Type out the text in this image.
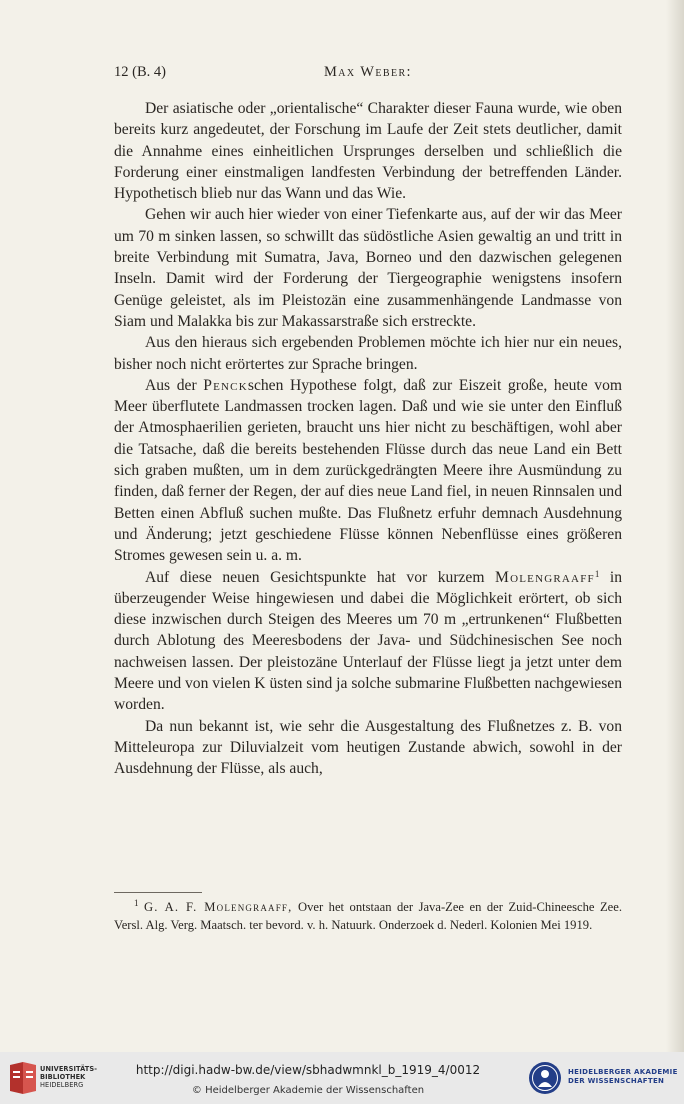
12 (B. 4)	Max Weber:

Der asiatische oder „orientalische“ Charakter dieser Fauna wurde, wie oben bereits kurz angedeutet, der Forschung im Laufe der Zeit stets deutlicher, damit die Annahme eines einheitlichen Ursprunges derselben und schließlich die Forderung einer einstmaligen landfesten Verbindung der betreffenden Länder. Hypothetisch blieb nur das Wann und das Wie.

Gehen wir auch hier wieder von einer Tiefenkarte aus, auf der wir das Meer um 70 m sinken lassen, so schwillt das südöstliche Asien gewaltig an und tritt in breite Verbindung mit Sumatra, Java, Borneo und den dazwischen gelegenen Inseln. Damit wird der Forderung der Tiergeographie wenigstens insofern Genüge geleistet, als im Pleistozän eine zusammenhängende Landmasse von Siam und Malakka bis zur Makassarstraße sich erstreckte.

Aus den hieraus sich ergebenden Problemen möchte ich hier nur ein neues, bisher noch nicht erörtertes zur Sprache bringen.

Aus der Penckschen Hypothese folgt, daß zur Eiszeit große, heute vom Meer überflutete Landmassen trocken lagen. Daß und wie sie unter den Einfluß der Atmosphaerilien gerieten, braucht uns hier nicht zu beschäftigen, wohl aber die Tatsache, daß die bereits bestehenden Flüsse durch das neue Land ein Bett sich graben mußten, um in dem zurückgedrängten Meere ihre Ausmündung zu finden, daß ferner der Regen, der auf dies neue Land fiel, in neuen Rinnsalen und Betten einen Abfluß suchen mußte. Das Flußnetz erfuhr demnach Ausdehnung und Änderung; jetzt geschiedene Flüsse können Nebenflüsse eines größeren Stromes gewesen sein u. a. m.

Auf diese neuen Gesichtspunkte hat vor kurzem Molengraaff$^1$ in überzeugender Weise hingewiesen und dabei die Möglichkeit erörtert, ob sich diese inzwischen durch Steigen des Meeres um 70 m „ertrunkenen“ Flußbetten durch Ablotung des Meeresbodens der Java- und Südchinesischen See noch nachweisen lassen. Der pleistozäne Unterlauf der Flüsse liegt ja jetzt unter dem Meere und von vielen K üsten sind ja solche submarine Flußbetten nachgewiesen worden.

Da nun bekannt ist, wie sehr die Ausgestaltung des Flußnetzes z. B. von Mitteleuropa zur Diluvialzeit vom heutigen Zustande abwich, sowohl in der Ausdehnung der Flüsse, als auch,

$^1$ G. A. F. Molengraaff, Over het ontstaan der Java-Zee en der Zuid-Chineesche Zee. Versl. Alg. Verg. Maatsch. ter bevord. v. h. Natuurk. Onderzoek d. Nederl. Kolonien Mei 1919.

UNIVERSITÄTS-
BIBLIOTHEK
HEIDELBERG
http://digi.hadw-bw.de/view/sbhadwmnkl_b_1919_4/0012
© Heidelberger Akademie der Wissenschaften
HEIDELBERGER AKADEMIE
DER WISSENSCHAFTEN
